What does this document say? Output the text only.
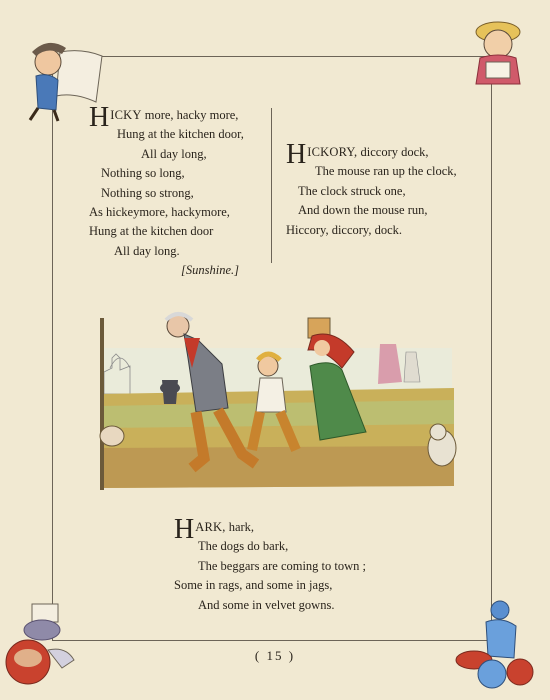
HICKY more, hacky more,
Hung at the kitchen door,
All day long,
Nothing so long,
Nothing so strong,
As hickeymore, hackymore,
Hung at the kitchen door
All day long.
[Sunshine.]
HICKORY, diccory dock,
The mouse ran up the clock,
The clock struck one,
And down the mouse run,
Hiccory, diccory, dock.
HARK, hark,
The dogs do bark,
The beggars are coming to town ;
Some in rags, and some in jags,
And some in velvet gowns.
( 15 )
